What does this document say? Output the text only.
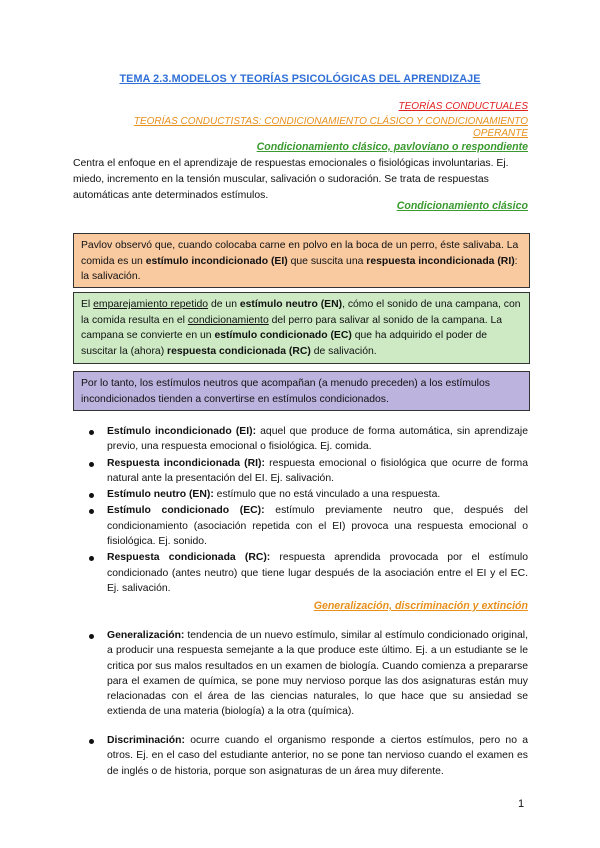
TEMA 2.3.MODELOS Y TEORÍAS PSICOLÓGICAS DEL APRENDIZAJE
TEORÍAS CONDUCTUALES
TEORÍAS CONDUCTISTAS: CONDICIONAMIENTO CLÁSICO Y CONDICIONAMIENTO OPERANTE
Condicionamiento clásico, pavloviano o respondiente
Centra el enfoque en el aprendizaje de respuestas emocionales o fisiológicas involuntarias. Ej. miedo, incremento en la tensión muscular, salivación o sudoración. Se trata de respuestas automáticas ante determinados estímulos.
Condicionamiento clásico
Pavlov observó que, cuando colocaba carne en polvo en la boca de un perro, éste salivaba. La comida es un estímulo incondicionado (EI) que suscita una respuesta incondicionada (RI): la salivación.
El emparejamiento repetido de un estímulo neutro (EN), cómo el sonido de una campana, con la comida resulta en el condicionamiento del perro para salivar al sonido de la campana. La campana se convierte en un estímulo condicionado (EC) que ha adquirido el poder de suscitar la (ahora) respuesta condicionada (RC) de salivación.
Por lo tanto, los estímulos neutros que acompañan (a menudo preceden) a los estímulos incondicionados tienden a convertirse en estímulos condicionados.
Estímulo incondicionado (EI): aquel que produce de forma automática, sin aprendizaje previo, una respuesta emocional o fisiológica. Ej. comida.
Respuesta incondicionada (RI): respuesta emocional o fisiológica que ocurre de forma natural ante la presentación del EI. Ej. salivación.
Estímulo neutro (EN): estímulo que no está vinculado a una respuesta.
Estímulo condicionado (EC): estímulo previamente neutro que, después del condicionamiento (asociación repetida con el EI) provoca una respuesta emocional o fisiológica. Ej. sonido.
Respuesta condicionada (RC): respuesta aprendida provocada por el estímulo condicionado (antes neutro) que tiene lugar después de la asociación entre el EI y el EC. Ej. salivación.
Generalización, discriminación y extinción
Generalización: tendencia de un nuevo estímulo, similar al estímulo condicionado original, a producir una respuesta semejante a la que produce este último. Ej. a un estudiante se le critica por sus malos resultados en un examen de biología. Cuando comienza a prepararse para el examen de química, se pone muy nervioso porque las dos asignaturas están muy relacionadas con el área de las ciencias naturales, lo que hace que su ansiedad se extienda de una materia (biología) a la otra (química).
Discriminación: ocurre cuando el organismo responde a ciertos estímulos, pero no a otros. Ej. en el caso del estudiante anterior, no se pone tan nervioso cuando el examen es de inglés o de historia, porque son asignaturas de un área muy diferente.
1
